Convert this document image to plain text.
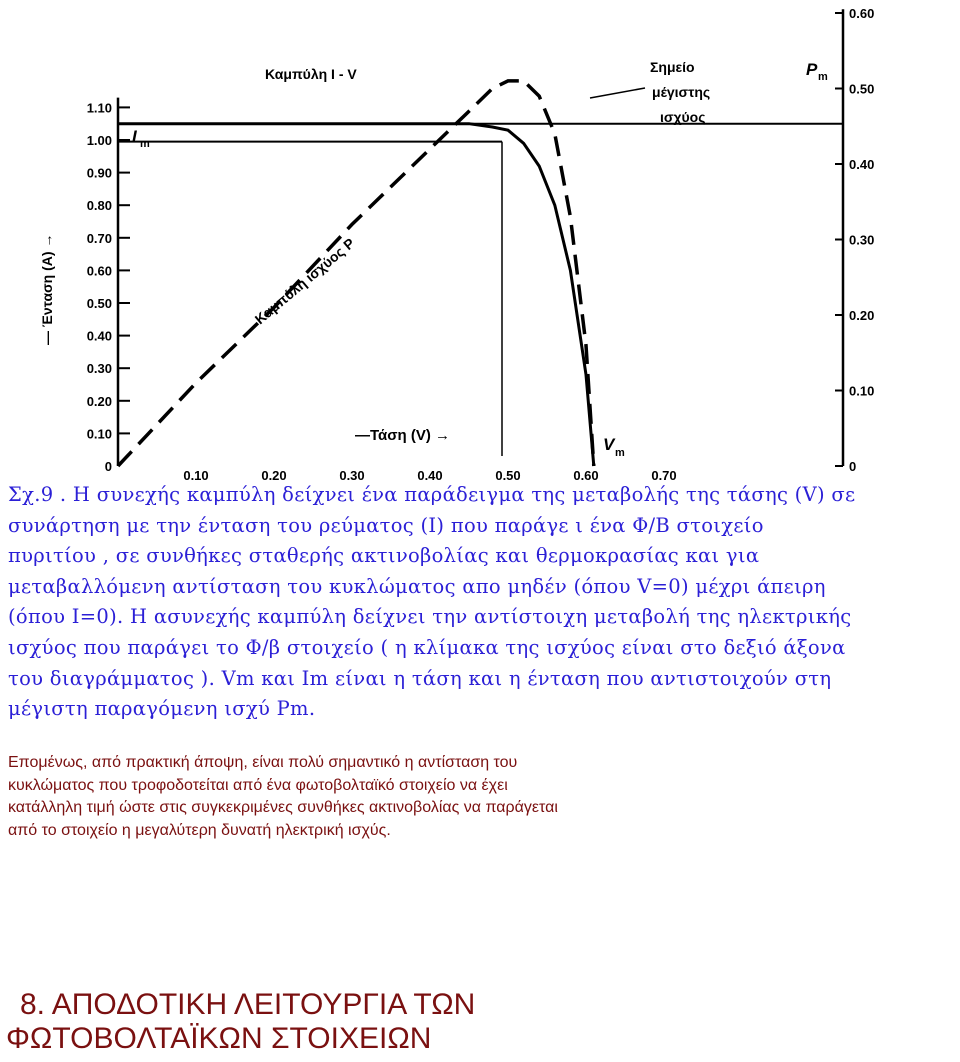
0.10
0.20
0.30
0.40
0.50
0.60
0.70
0.80
0.90
1.00
1.10
0	0
0.10
0.20
0.30
0.40
0.50
0.60
0.10	0.20	0.30	0.40	0.50	0.60	0.70
Καμπύλη I - V	Σημείο
μέγιστης
ισχύος
P m
I m
V m
—Τάση (V) →
Καμπύλη ισχύος P
— Ένταση (A) →
Σχ.9 . Η συνεχής καμπύλη δείχνει ένα παράδειγμα της μεταβολής της τάσης (V) σε
συνάρτηση με την ένταση του ρεύματος (I) που παράγε ι ένα Φ/Β στοιχείο
πυριτίου , σε συνθήκες σταθερής ακτινοβολίας και θερμοκρασίας και για
μεταβαλλόμενη αντίσταση του κυκλώματος απο μηδέν (όπου V=0) μέχρι άπειρη
(όπου I=0). Η ασυνεχής καμπύλη δείχνει την αντίστοιχη μεταβολή της ηλεκτρικής
ισχύος που παράγει το Φ/β στοιχείο ( η κλίμακα της ισχύος είναι στο δεξιό άξονα
του διαγράμματος ). Vm και Im είναι η τάση και η ένταση που αντιστοιχούν στη
μέγιστη παραγόμενη ισχύ Pm.
Επομένως, από πρακτική άποψη, είναι πολύ σημαντικό η αντίσταση του
κυκλώματος που τροφοδοτείται από ένα φωτοβολταϊκό στοιχείο να έχει
κατάλληλη τιμή ώστε στις συγκεκριμένες συνθήκες ακτινοβολίας να παράγεται
από το στοιχείο η μεγαλύτερη δυνατή ηλεκτρική ισχύς.
8. ΑΠΟΔΟΤΙΚΗ ΛΕΙΤΟΥΡΓΙΑ ΤΩΝ
ΦΩΤΟΒΟΛΤΑΪΚΩΝ ΣΤΟΙΧΕΙΩΝ
